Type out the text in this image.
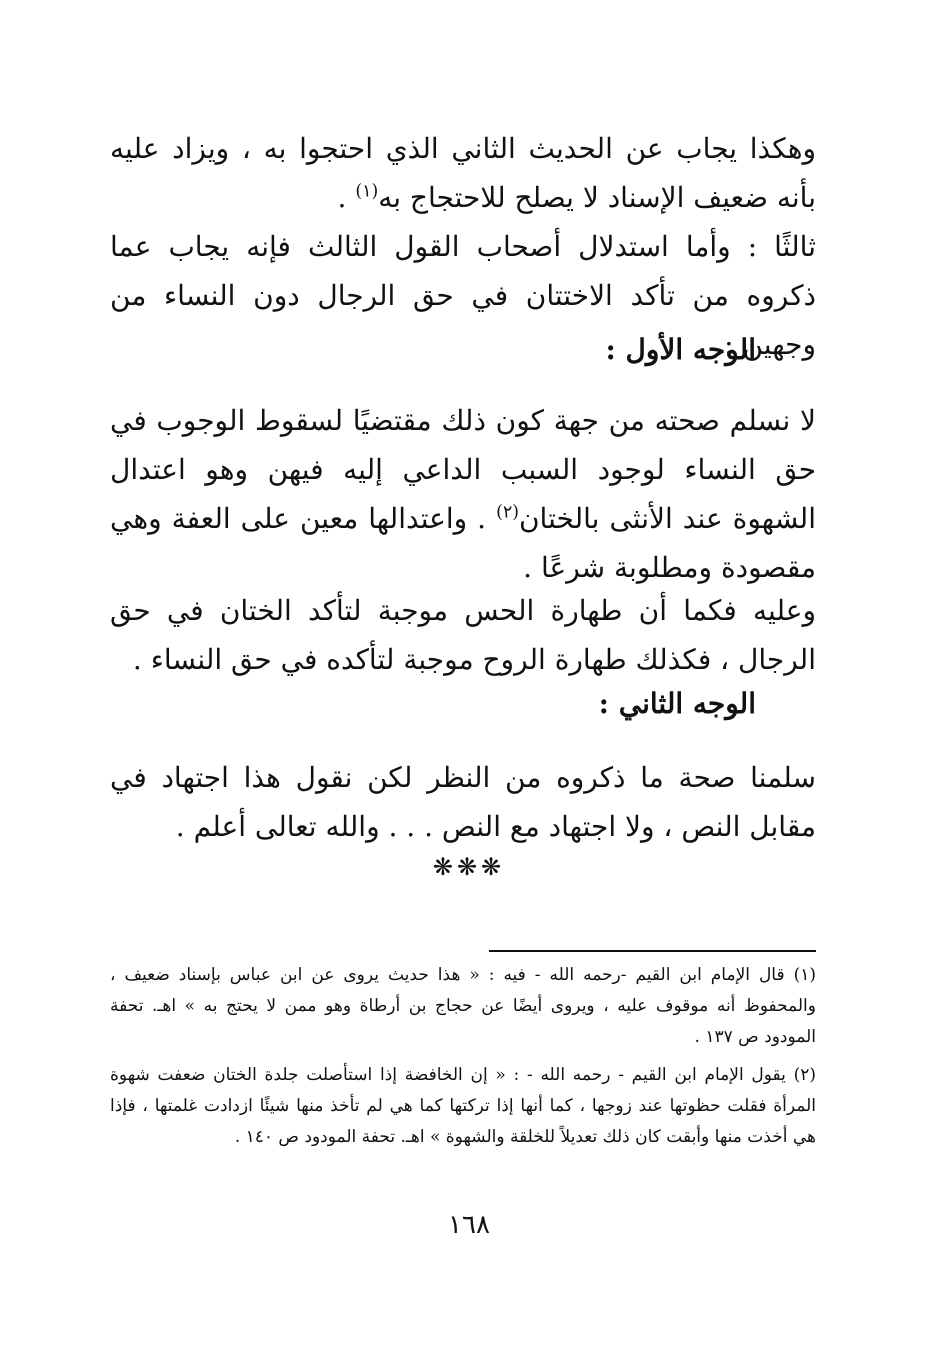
وهكذا يجاب عن الحديث الثاني الذي احتجوا به ، ويزاد عليه بأنه ضعيف الإسناد لا يصلح للاحتجاج به$^{(١)}$ .
ثالثًا : وأما استدلال أصحاب القول الثالث فإنه يجاب عما ذكروه من تأكد الاختتان في حق الرجال دون النساء من وجهين :
الوجه الأول :
لا نسلم صحته من جهة كون ذلك مقتضيًا لسقوط الوجوب في حق النساء لوجود السبب الداعي إليه فيهن وهو اعتدال الشهوة عند الأنثى بالختان$^{(٢)}$ . واعتدالها معين على العفة وهي مقصودة ومطلوبة شرعًا .
وعليه فكما أن طهارة الحس موجبة لتأكد الختان في حق الرجال ، فكذلك طهارة الروح موجبة لتأكده في حق النساء .
الوجه الثاني :
سلمنا صحة ما ذكروه من النظر لكن نقول هذا اجتهاد في مقابل النص ، ولا اجتهاد مع النص . . . والله تعالى أعلم .
❋❋❋
(١) قال الإمام ابن القيم -رحمه الله - فيه : « هذا حديث يروى عن ابن عباس بإسناد ضعيف ، والمحفوظ أنه موقوف عليه ، ويروى أيضًا عن حجاج بن أرطاة وهو ممن لا يحتج به » اهـ. تحفة المودود ص ١٣٧ .
(٢) يقول الإمام ابن القيم - رحمه الله - : « إن الخافضة إذا استأصلت جلدة الختان ضعفت شهوة المرأة فقلت حظوتها عند زوجها ، كما أنها إذا تركتها كما هي لم تأخذ منها شيئًا ازدادت غلمتها ، فإذا هي أخذت منها وأبقت كان ذلك تعديلاً للخلقة والشهوة » اهـ. تحفة المودود ص ١٤٠ .
١٦٨
